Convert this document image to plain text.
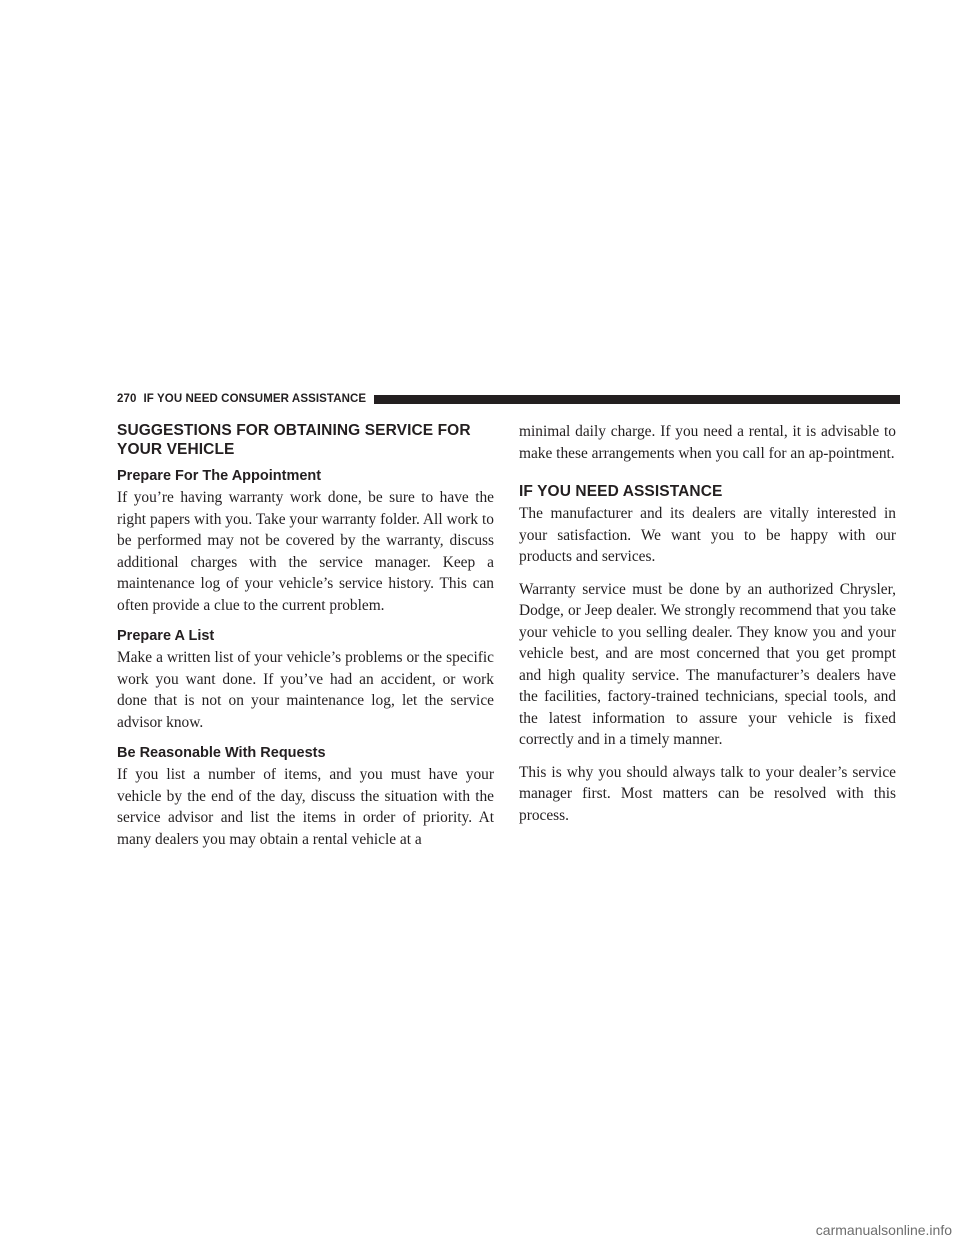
270 IF YOU NEED CONSUMER ASSISTANCE
SUGGESTIONS FOR OBTAINING SERVICE FOR YOUR VEHICLE
Prepare For The Appointment

If you’re having warranty work done, be sure to have the right papers with you. Take your warranty folder. All work to be performed may not be covered by the warranty, discuss additional charges with the service manager. Keep a maintenance log of your vehicle’s service history. This can often provide a clue to the current problem.

Prepare A List

Make a written list of your vehicle’s problems or the specific work you want done. If you’ve had an accident, or work done that is not on your maintenance log, let the service advisor know.

Be Reasonable With Requests

If you list a number of items, and you must have your vehicle by the end of the day, discuss the situation with the service advisor and list the items in order of priority. At many dealers you may obtain a rental vehicle at a

minimal daily charge. If you need a rental, it is advisable to make these arrangements when you call for an ap-pointment.

IF YOU NEED ASSISTANCE

The manufacturer and its dealers are vitally interested in your satisfaction. We want you to be happy with our products and services.

Warranty service must be done by an authorized Chrysler, Dodge, or Jeep dealer. We strongly recommend that you take your vehicle to you selling dealer. They know you and your vehicle best, and are most concerned that you get prompt and high quality service. The manufacturer’s dealers have the facilities, factory-trained technicians, special tools, and the latest information to assure your vehicle is fixed correctly and in a timely manner.

This is why you should always talk to your dealer’s service manager first. Most matters can be resolved with this process.

carmanualsonline.info
